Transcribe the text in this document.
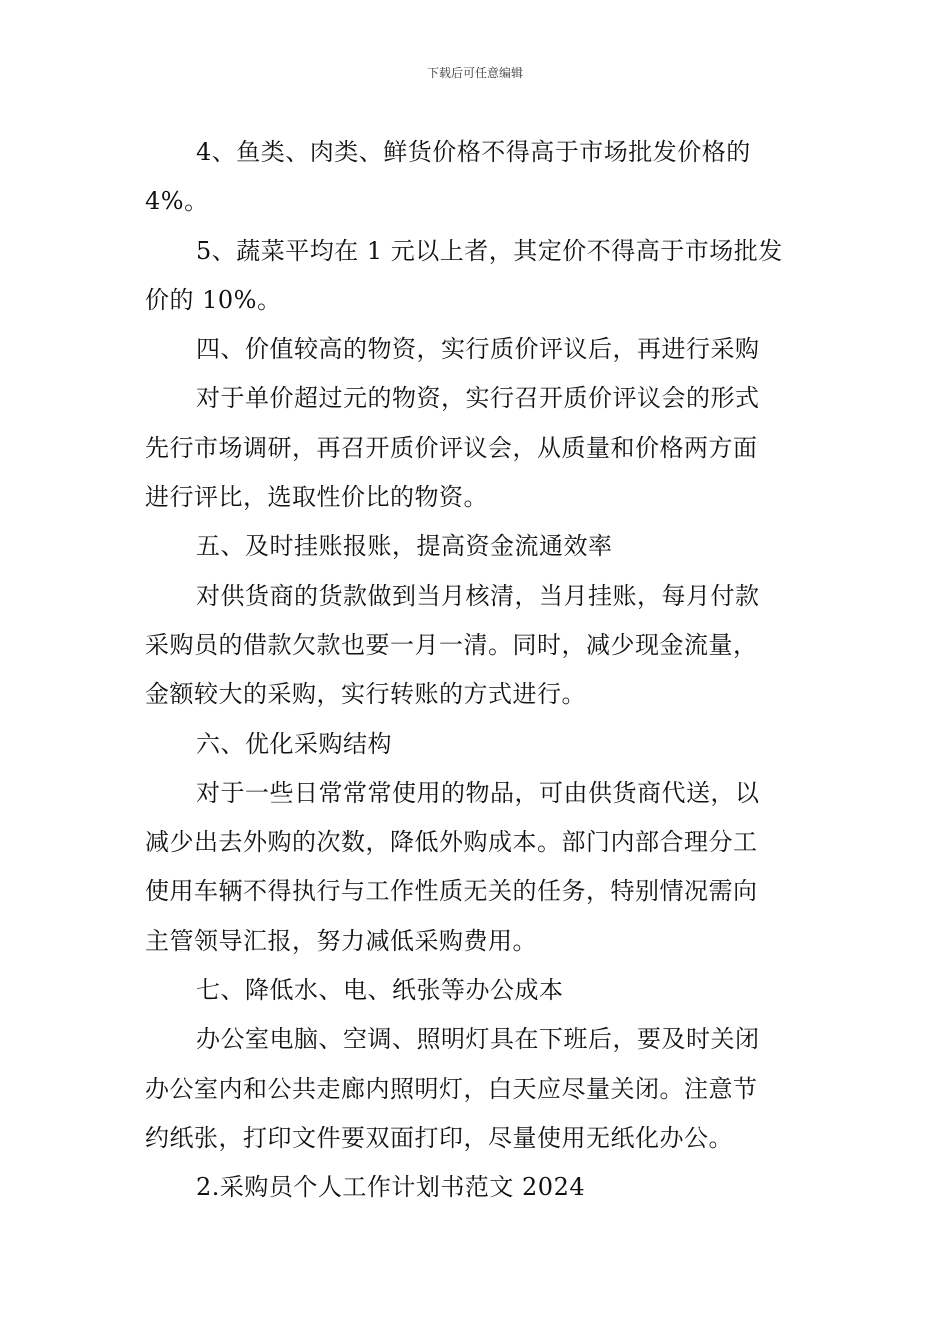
下载后可任意编辑
4、鱼类、肉类、鲜货价格不得高于市场批发价格的
4%。
5、蔬菜平均在 1 元以上者，其定价不得高于市场批发
价的 10%。
四、价值较高的物资，实行质价评议后，再进行采购
对于单价超过元的物资，实行召开质价评议会的形式
先行市场调研，再召开质价评议会，从质量和价格两方面
进行评比，选取性价比的物资。
五、及时挂账报账，提高资金流通效率
对供货商的货款做到当月核清，当月挂账，每月付款
采购员的借款欠款也要一月一清。同时，减少现金流量，
金额较大的采购，实行转账的方式进行。
六、优化采购结构
对于一些日常常常使用的物品，可由供货商代送，以
减少出去外购的次数，降低外购成本。部门内部合理分工
使用车辆不得执行与工作性质无关的任务，特别情况需向
主管领导汇报，努力减低采购费用。
七、降低水、电、纸张等办公成本
办公室电脑、空调、照明灯具在下班后，要及时关闭
办公室内和公共走廊内照明灯，白天应尽量关闭。注意节
约纸张，打印文件要双面打印，尽量使用无纸化办公。
2.采购员个人工作计划书范文 2024
